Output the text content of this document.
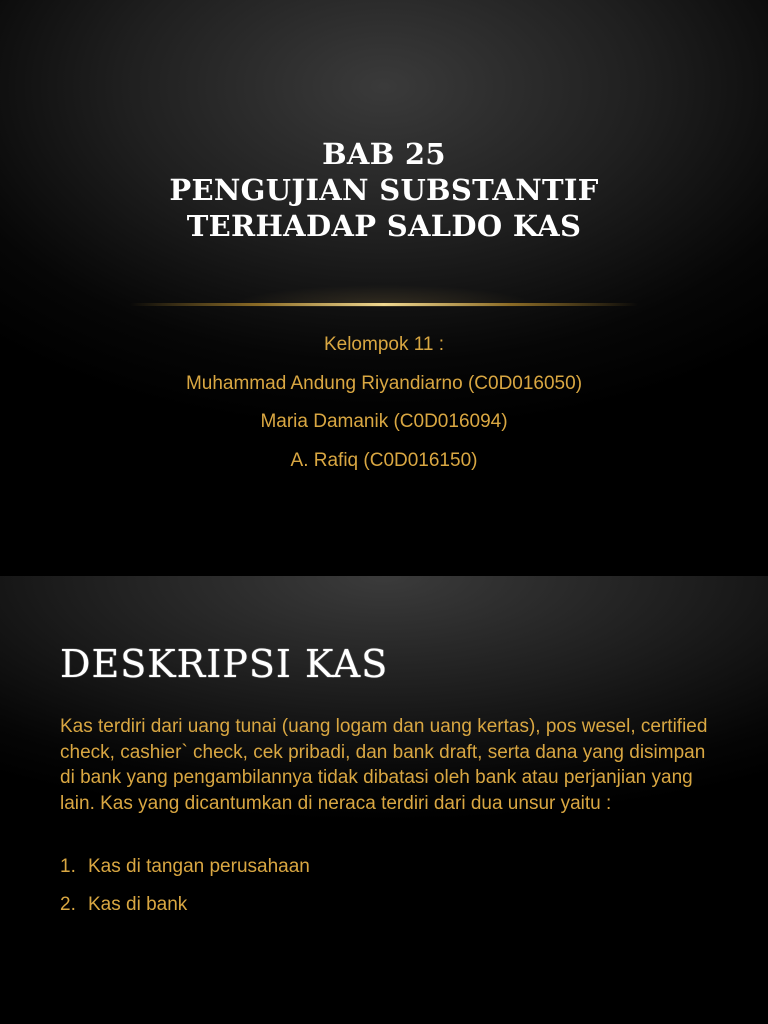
BAB 25
PENGUJIAN SUBSTANTIF
TERHADAP SALDO KAS
Kelompok 11 :
Muhammad Andung Riyandiarno (C0D016050)
Maria Damanik (C0D016094)
A. Rafiq (C0D016150)
DESKRIPSI KAS

Kas terdiri dari uang tunai (uang logam dan uang kertas), pos wesel, certified check, cashier` check, cek pribadi, dan bank draft, serta dana yang disimpan di bank yang pengambilannya tidak dibatasi oleh bank atau perjanjian yang lain. Kas yang dicantumkan di neraca terdiri dari dua unsur yaitu :

1. Kas di tangan perusahaan
2. Kas di bank
